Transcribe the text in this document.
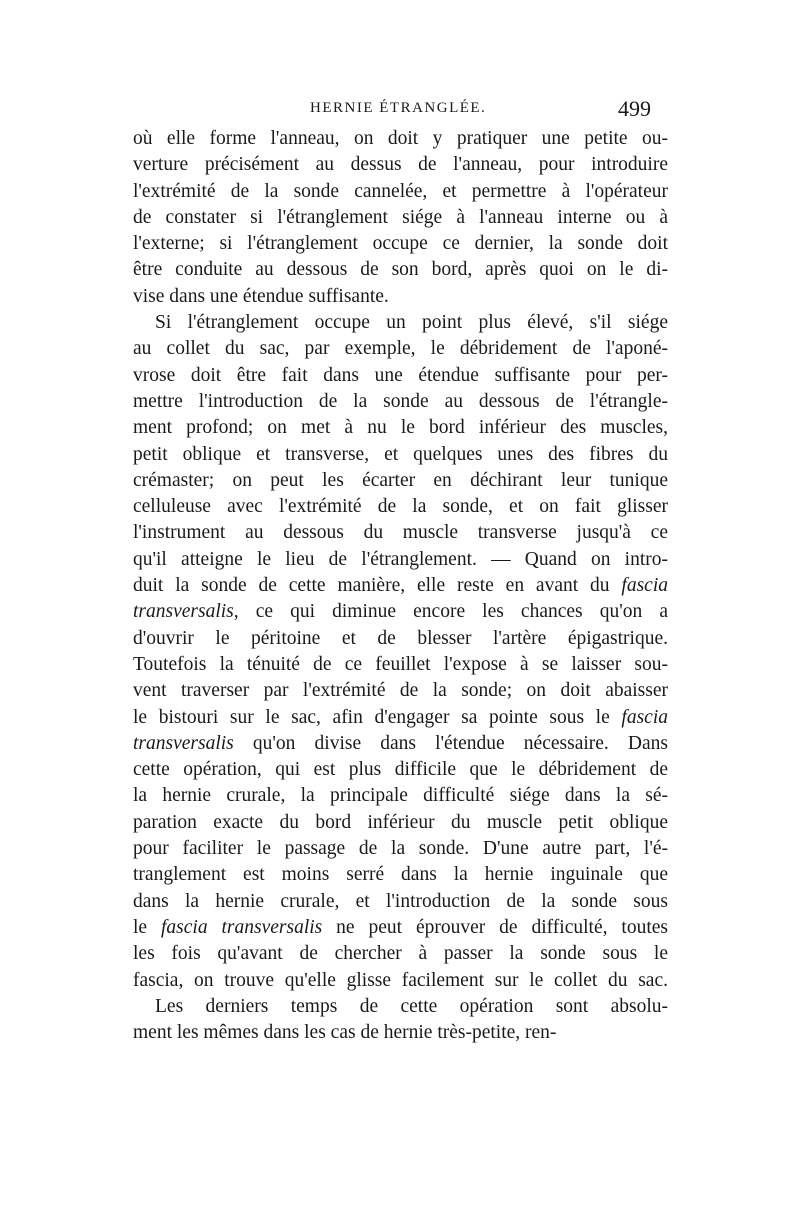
HERNIE ÉTRANGLÉE.	499
où elle forme l'anneau, on doit y pratiquer une petite ou-
verture précisément au dessus de l'anneau, pour introduire
l'extrémité de la sonde cannelée, et permettre à l'opérateur
de constater si l'étranglement siége à l'anneau interne ou à
l'externe; si l'étranglement occupe ce dernier, la sonde doit
être conduite au dessous de son bord, après quoi on le di-
vise dans une étendue suffisante.
Si l'étranglement occupe un point plus élevé, s'il siége
au collet du sac, par exemple, le débridement de l'aponé-
vrose doit être fait dans une étendue suffisante pour per-
mettre l'introduction de la sonde au dessous de l'étrangle-
ment profond; on met à nu le bord inférieur des muscles,
petit oblique et transverse, et quelques unes des fibres du
crémaster; on peut les écarter en déchirant leur tunique
celluleuse avec l'extrémité de la sonde, et on fait glisser
l'instrument au dessous du muscle transverse jusqu'à ce
qu'il atteigne le lieu de l'étranglement. — Quand on intro-
duit la sonde de cette manière, elle reste en avant du fascia
transversalis, ce qui diminue encore les chances qu'on a
d'ouvrir le péritoine et de blesser l'artère épigastrique.
Toutefois la ténuité de ce feuillet l'expose à se laisser sou-
vent traverser par l'extrémité de la sonde; on doit abaisser
le bistouri sur le sac, afin d'engager sa pointe sous le fascia
transversalis qu'on divise dans l'étendue nécessaire. Dans
cette opération, qui est plus difficile que le débridement de
la hernie crurale, la principale difficulté siége dans la sé-
paration exacte du bord inférieur du muscle petit oblique
pour faciliter le passage de la sonde. D'une autre part, l'é-
tranglement est moins serré dans la hernie inguinale que
dans la hernie crurale, et l'introduction de la sonde sous
le fascia transversalis ne peut éprouver de difficulté, toutes
les fois qu'avant de chercher à passer la sonde sous le
fascia, on trouve qu'elle glisse facilement sur le collet du sac.
Les derniers temps de cette opération sont absolu-
ment les mêmes dans les cas de hernie très-petite, ren-
